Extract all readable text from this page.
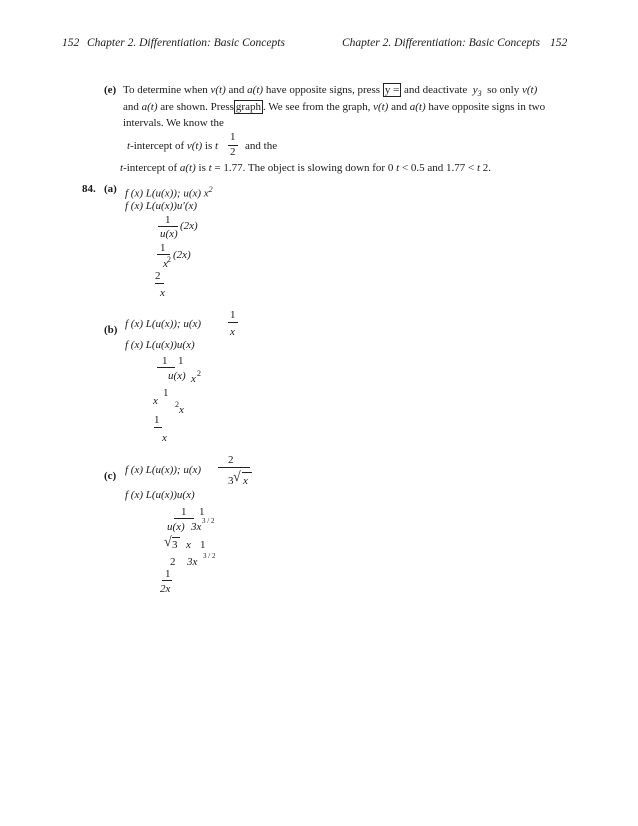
152 Chapter 2. Differentiation: Basic Concepts	Chapter 2. Differentiation: Basic Concepts 152
(e) To determine when v(t) and a(t) have opposite signs, press y = and deactivate $y_3$ so only v(t)
and a(t) are shown. Press graph . We see from the graph, v(t) and a(t) have opposite signs in two
intervals. We know the
t-intercept of v(t) is t
1
2 and the
t-intercept of a(t) is t = 1.77. The object is slowing down for 0 t < 0.5 and 1.77 < t 2.
84. (a) f (x) L(u(x)); u(x) $x^2$
f (x) L(u(x))u′(x)
1
u(x)
(2x)
1
x 2 (2x)
2
x
f (x) L(u(x)); u(x)
1
x
(b)
f (x) L(u(x))u(x)
1 1
u(x) x 2
x
1
2 x
1
x
f (x) L(u(x)); u(x)
2
3 √ x
(c)
f (x) L(u(x))u(x)
1 1
u(x) 3x 3 / 2
√ 3 x 1
2 3x 3 / 2
1
2x
